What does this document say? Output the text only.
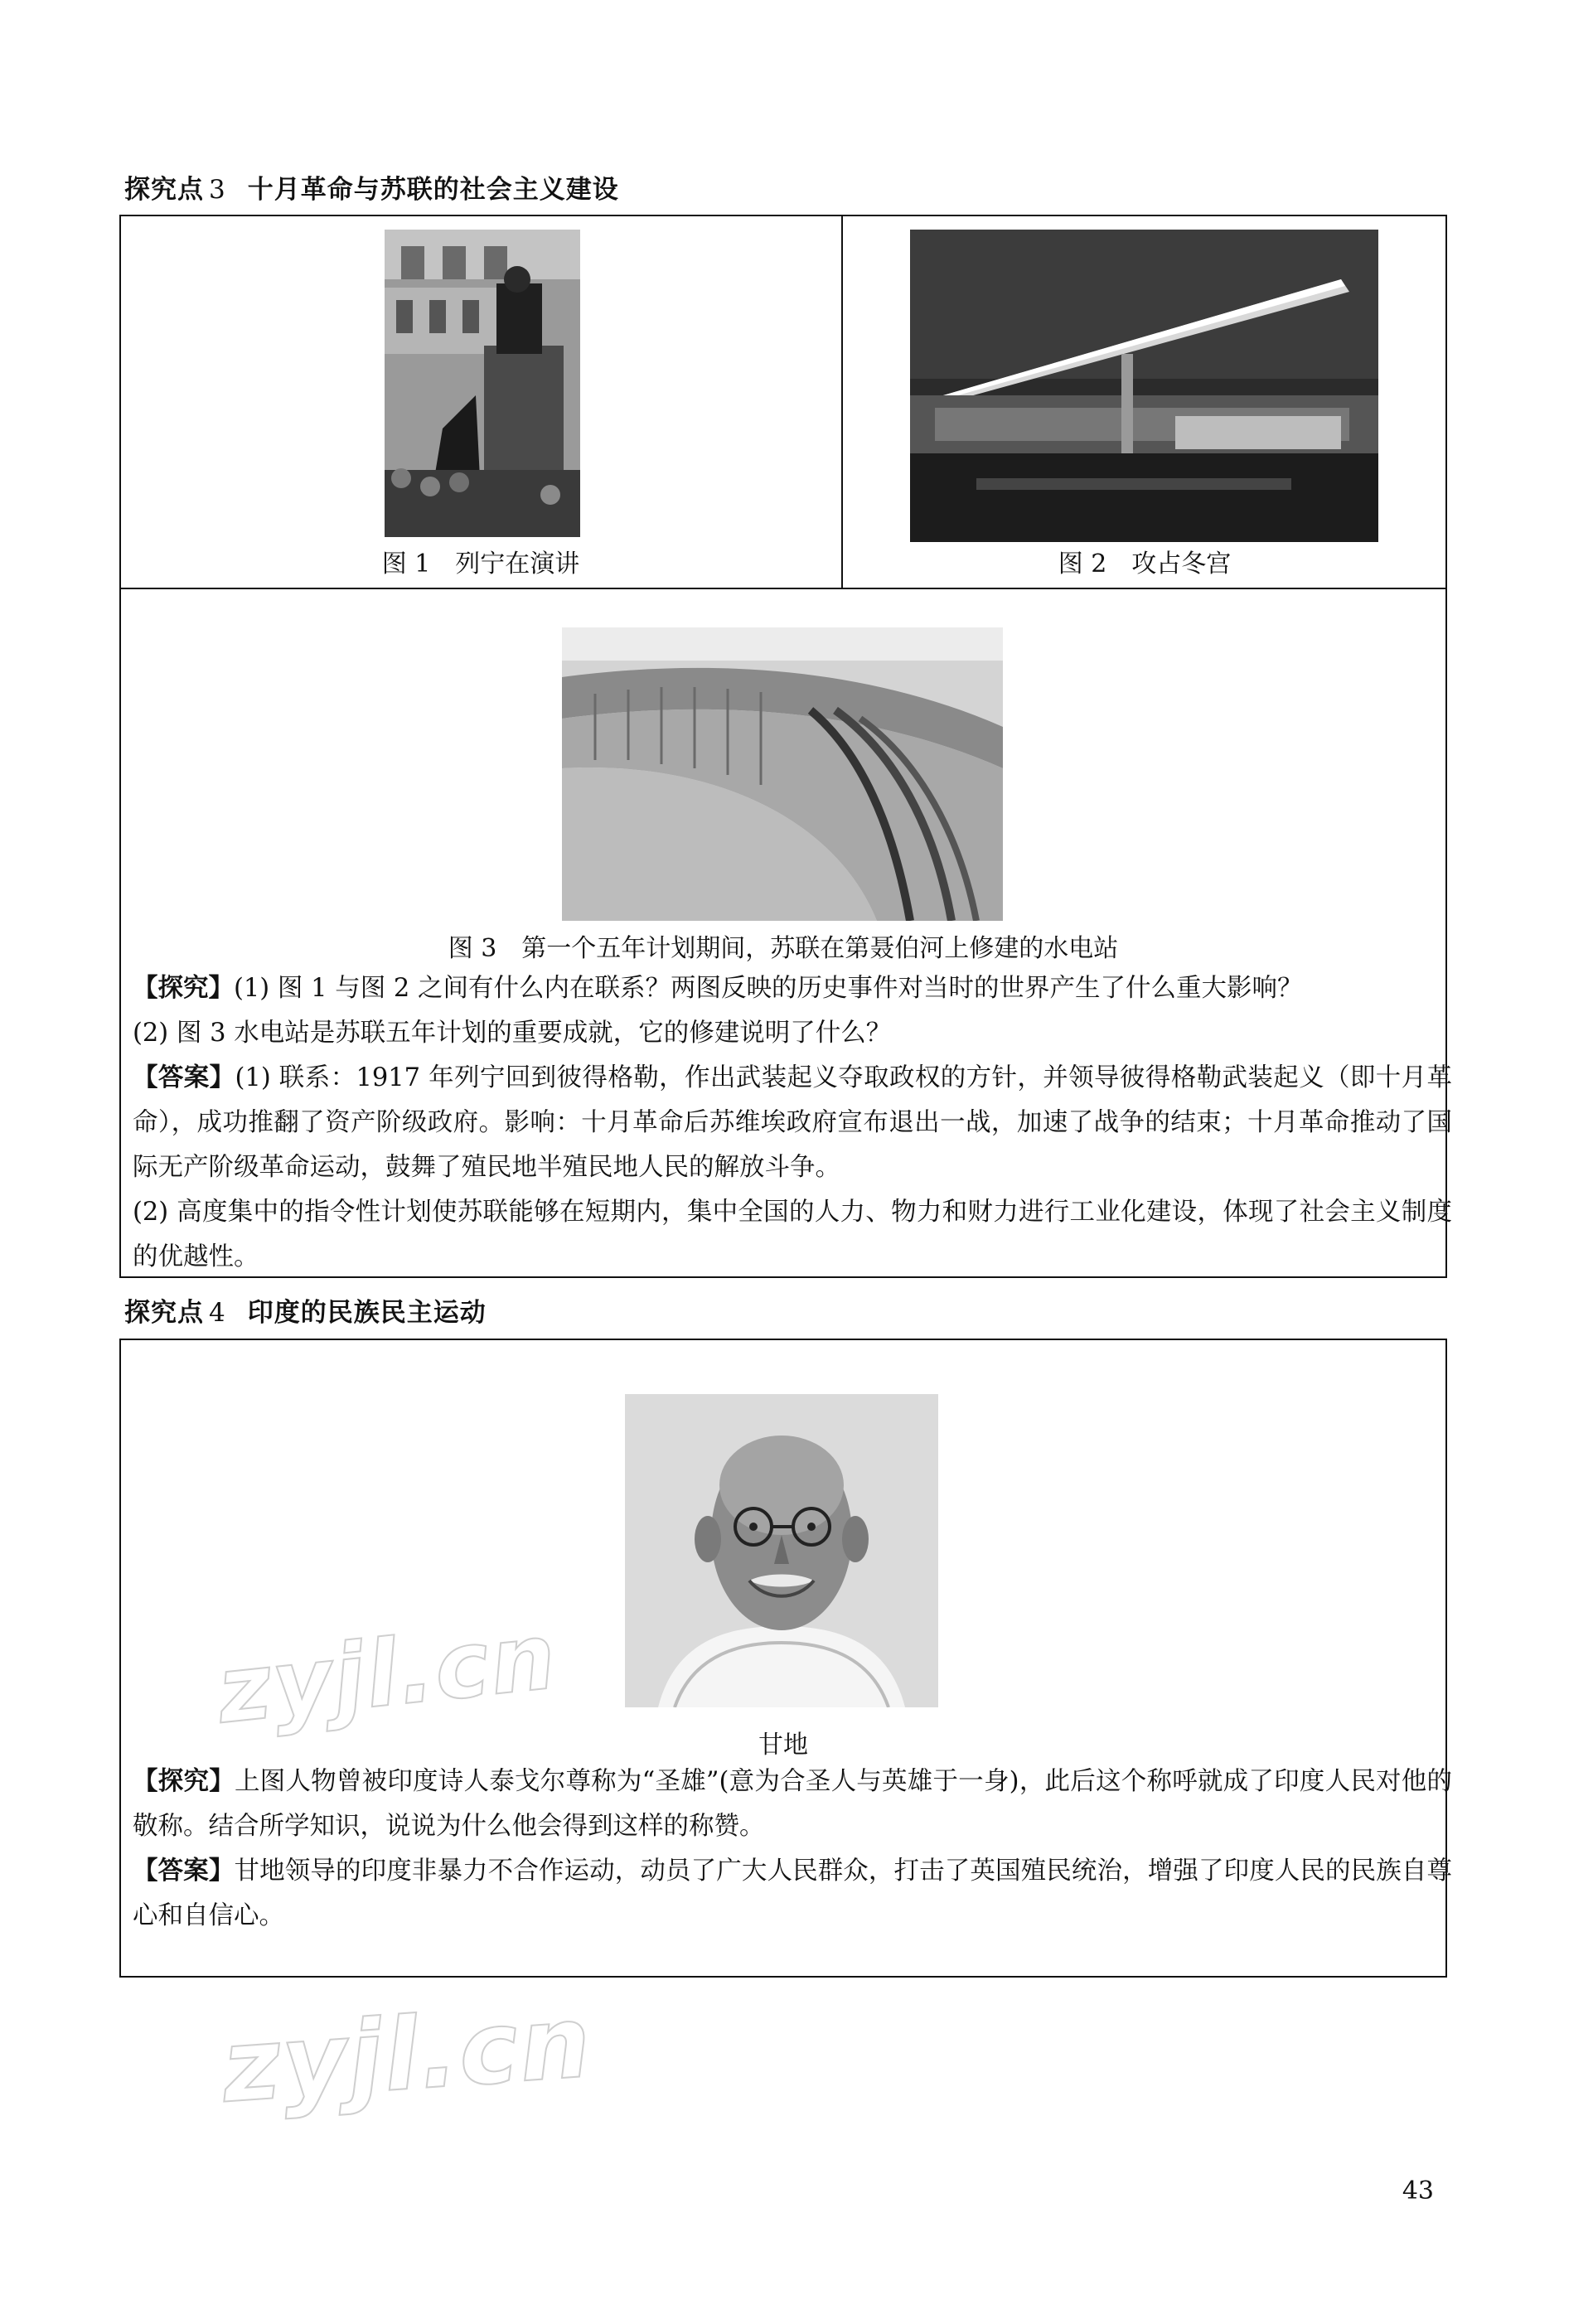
探究点 3 十月革命与苏联的社会主义建设
图 1　列宁在演讲	图 2　攻占冬宫
图 3　第一个五年计划期间，苏联在第聂伯河上修建的水电站
【探究】(1) 图 1 与图 2 之间有什么内在联系？两图反映的历史事件对当时的世界产生了什么重大影响？
(2) 图 3 水电站是苏联五年计划的重要成就，它的修建说明了什么？
【答案】(1) 联系：1917 年列宁回到彼得格勒，作出武装起义夺取政权的方针，并领导彼得格勒武装起义（即十月革命），成功推翻了资产阶级政府。影响：十月革命后苏维埃政府宣布退出一战，加速了战争的结束；十月革命推动了国际无产阶级革命运动，鼓舞了殖民地半殖民地人民的解放斗争。
(2) 高度集中的指令性计划使苏联能够在短期内，集中全国的人力、物力和财力进行工业化建设，体现了社会主义制度的优越性。
探究点 4 印度的民族民主运动
甘地
【探究】上图人物曾被印度诗人泰戈尔尊称为“圣雄”(意为合圣人与英雄于一身)，此后这个称呼就成了印度人民对他的敬称。结合所学知识，说说为什么他会得到这样的称赞。
【答案】甘地领导的印度非暴力不合作运动，动员了广大人民群众，打击了英国殖民统治，增强了印度人民的民族自尊心和自信心。
zyjl.cn
zyjl.cn
43
